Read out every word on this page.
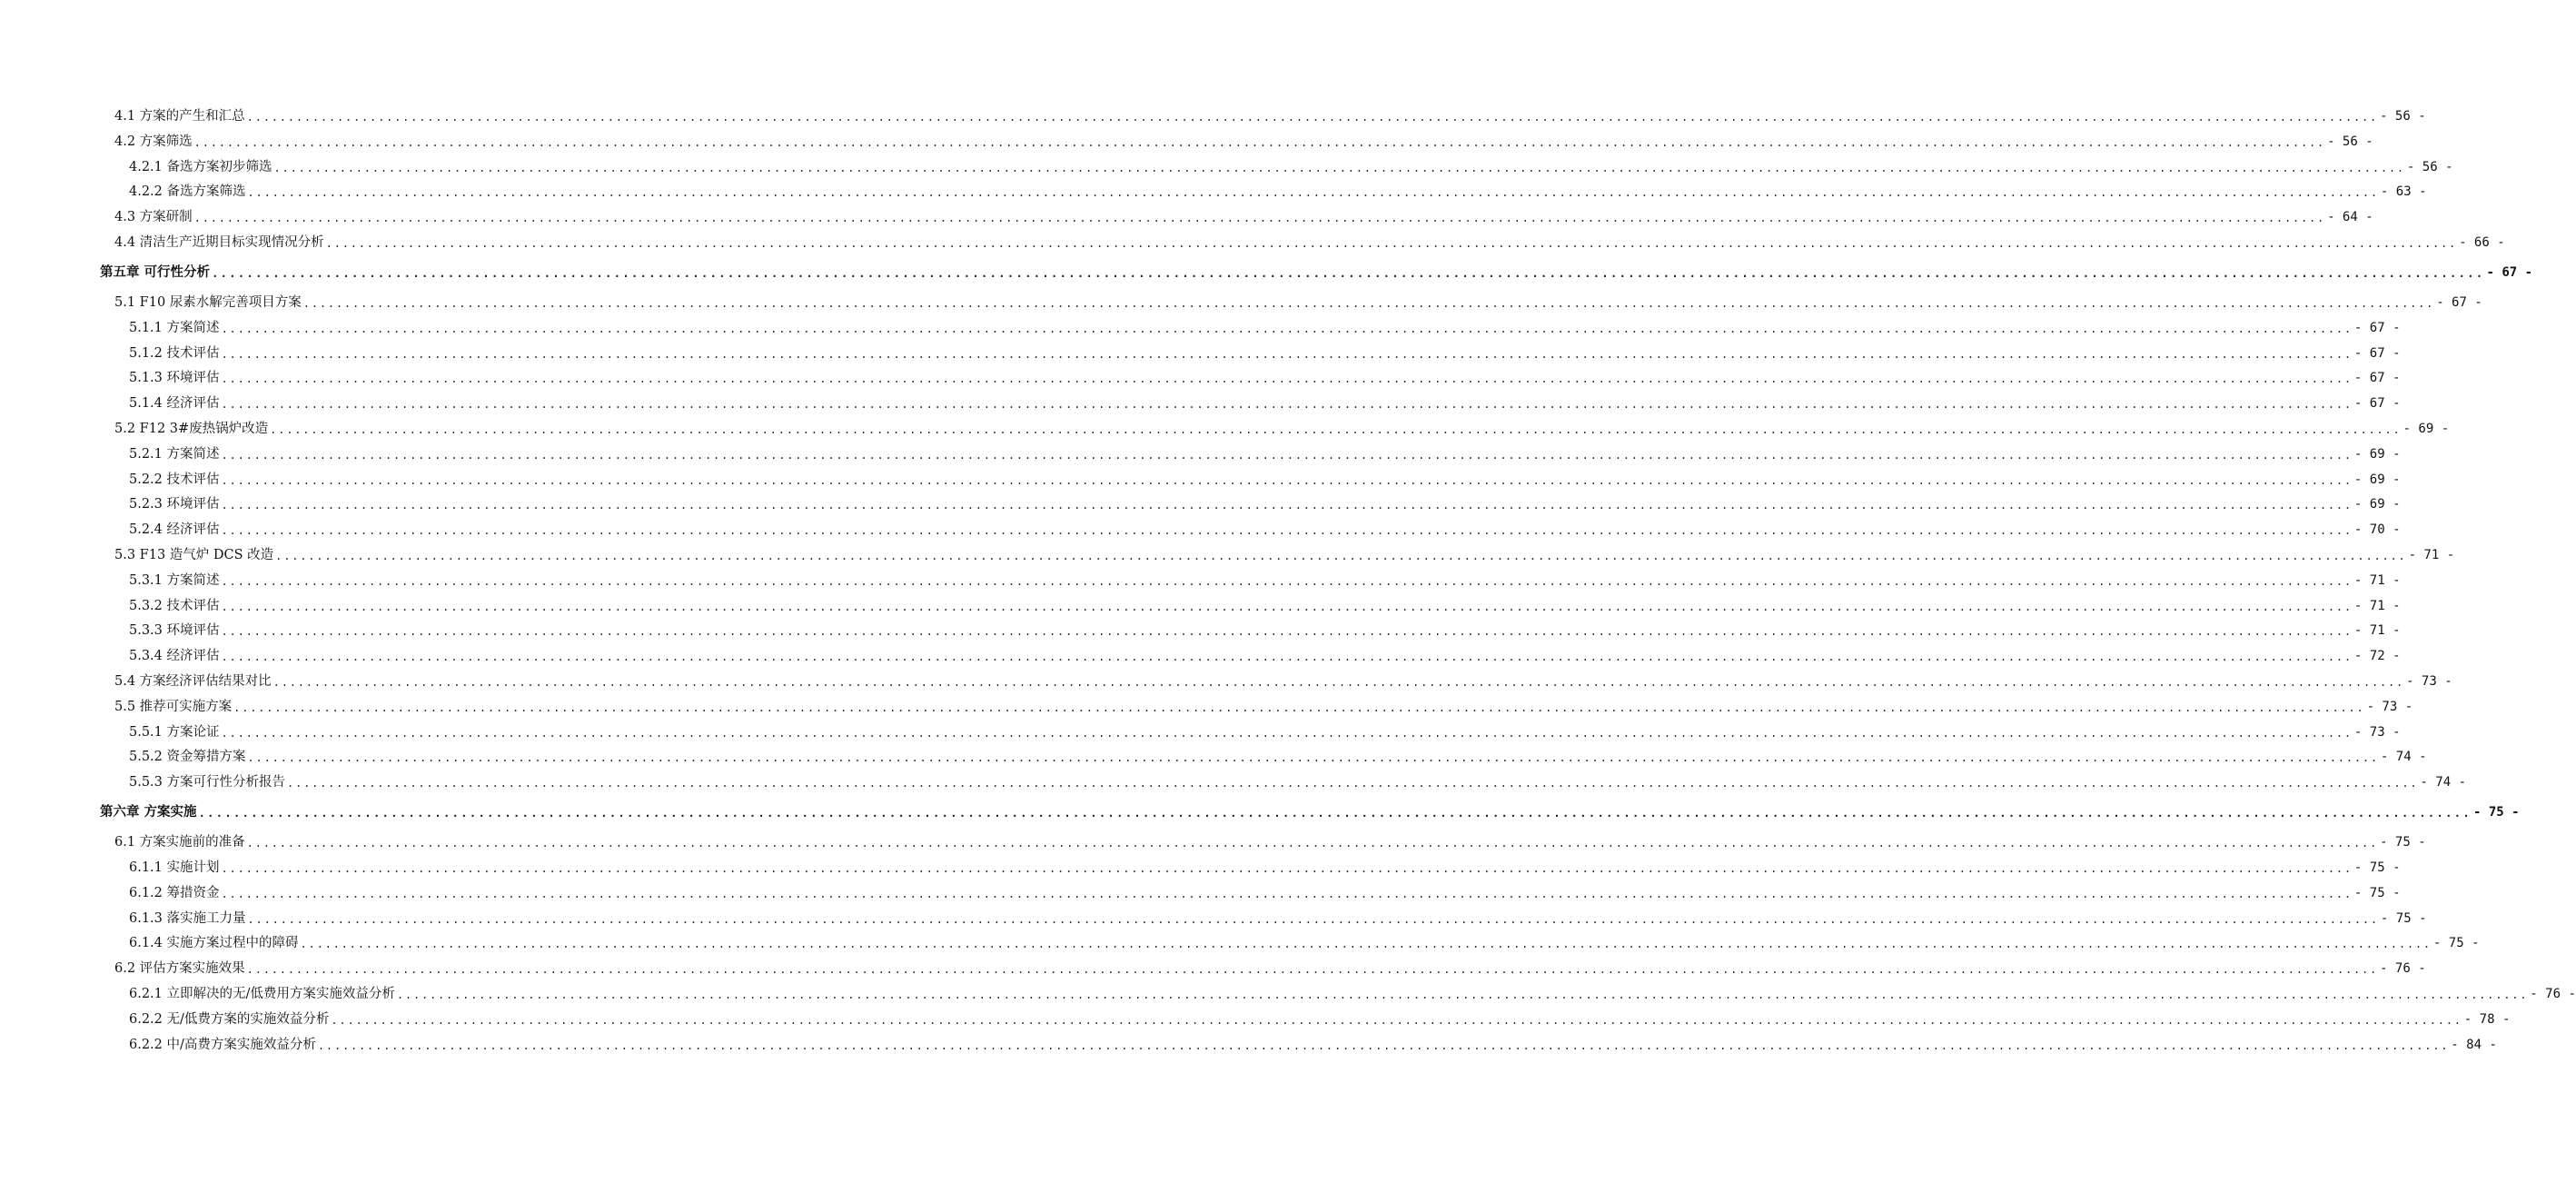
4.1 方案的产生和汇总 .................................................................................................................................................................................................................................................................... - 56 -
4.2 方案筛选 .................................................................................................................................................................................................................................................................... - 56 -
4.2.1 备选方案初步筛选 .................................................................................................................................................................................................................................................................... - 56 -
4.2.2 备选方案筛选 .................................................................................................................................................................................................................................................................... - 63 -
4.3 方案研制 .................................................................................................................................................................................................................................................................... - 64 -
4.4 清洁生产近期目标实现情况分析 .................................................................................................................................................................................................................................................................... - 66 -
第五章 可行性分析 .................................................................................................................................................................................................................................................................... - 67 -
5.1 F10 尿素水解完善项目方案 .................................................................................................................................................................................................................................................................... - 67 -
5.1.1 方案简述 .................................................................................................................................................................................................................................................................... - 67 -
5.1.2 技术评估 .................................................................................................................................................................................................................................................................... - 67 -
5.1.3 环境评估 .................................................................................................................................................................................................................................................................... - 67 -
5.1.4 经济评估 .................................................................................................................................................................................................................................................................... - 67 -
5.2 F12 3#废热锅炉改造 .................................................................................................................................................................................................................................................................... - 69 -
5.2.1 方案简述 .................................................................................................................................................................................................................................................................... - 69 -
5.2.2 技术评估 .................................................................................................................................................................................................................................................................... - 69 -
5.2.3 环境评估 .................................................................................................................................................................................................................................................................... - 69 -
5.2.4 经济评估 .................................................................................................................................................................................................................................................................... - 70 -
5.3 F13 造气炉 DCS 改造 .................................................................................................................................................................................................................................................................... - 71 -
5.3.1 方案简述 .................................................................................................................................................................................................................................................................... - 71 -
5.3.2 技术评估 .................................................................................................................................................................................................................................................................... - 71 -
5.3.3 环境评估 .................................................................................................................................................................................................................................................................... - 71 -
5.3.4 经济评估 .................................................................................................................................................................................................................................................................... - 72 -
5.4 方案经济评估结果对比 .................................................................................................................................................................................................................................................................... - 73 -
5.5 推荐可实施方案 .................................................................................................................................................................................................................................................................... - 73 -
5.5.1 方案论证 .................................................................................................................................................................................................................................................................... - 73 -
5.5.2 资金筹措方案 .................................................................................................................................................................................................................................................................... - 74 -
5.5.3 方案可行性分析报告 .................................................................................................................................................................................................................................................................... - 74 -
第六章 方案实施 .................................................................................................................................................................................................................................................................... - 75 -
6.1 方案实施前的准备 .................................................................................................................................................................................................................................................................... - 75 -
6.1.1 实施计划 .................................................................................................................................................................................................................................................................... - 75 -
6.1.2 筹措资金 .................................................................................................................................................................................................................................................................... - 75 -
6.1.3 落实施工力量 .................................................................................................................................................................................................................................................................... - 75 -
6.1.4 实施方案过程中的障碍 .................................................................................................................................................................................................................................................................... - 75 -
6.2 评估方案实施效果 .................................................................................................................................................................................................................................................................... - 76 -
6.2.1 立即解决的无/低费用方案实施效益分析 .................................................................................................................................................................................................................................................................... - 76 -
6.2.2 无/低费方案的实施效益分析 .................................................................................................................................................................................................................................................................... - 78 -
6.2.2 中/高费方案实施效益分析 .................................................................................................................................................................................................................................................................... - 84 -
